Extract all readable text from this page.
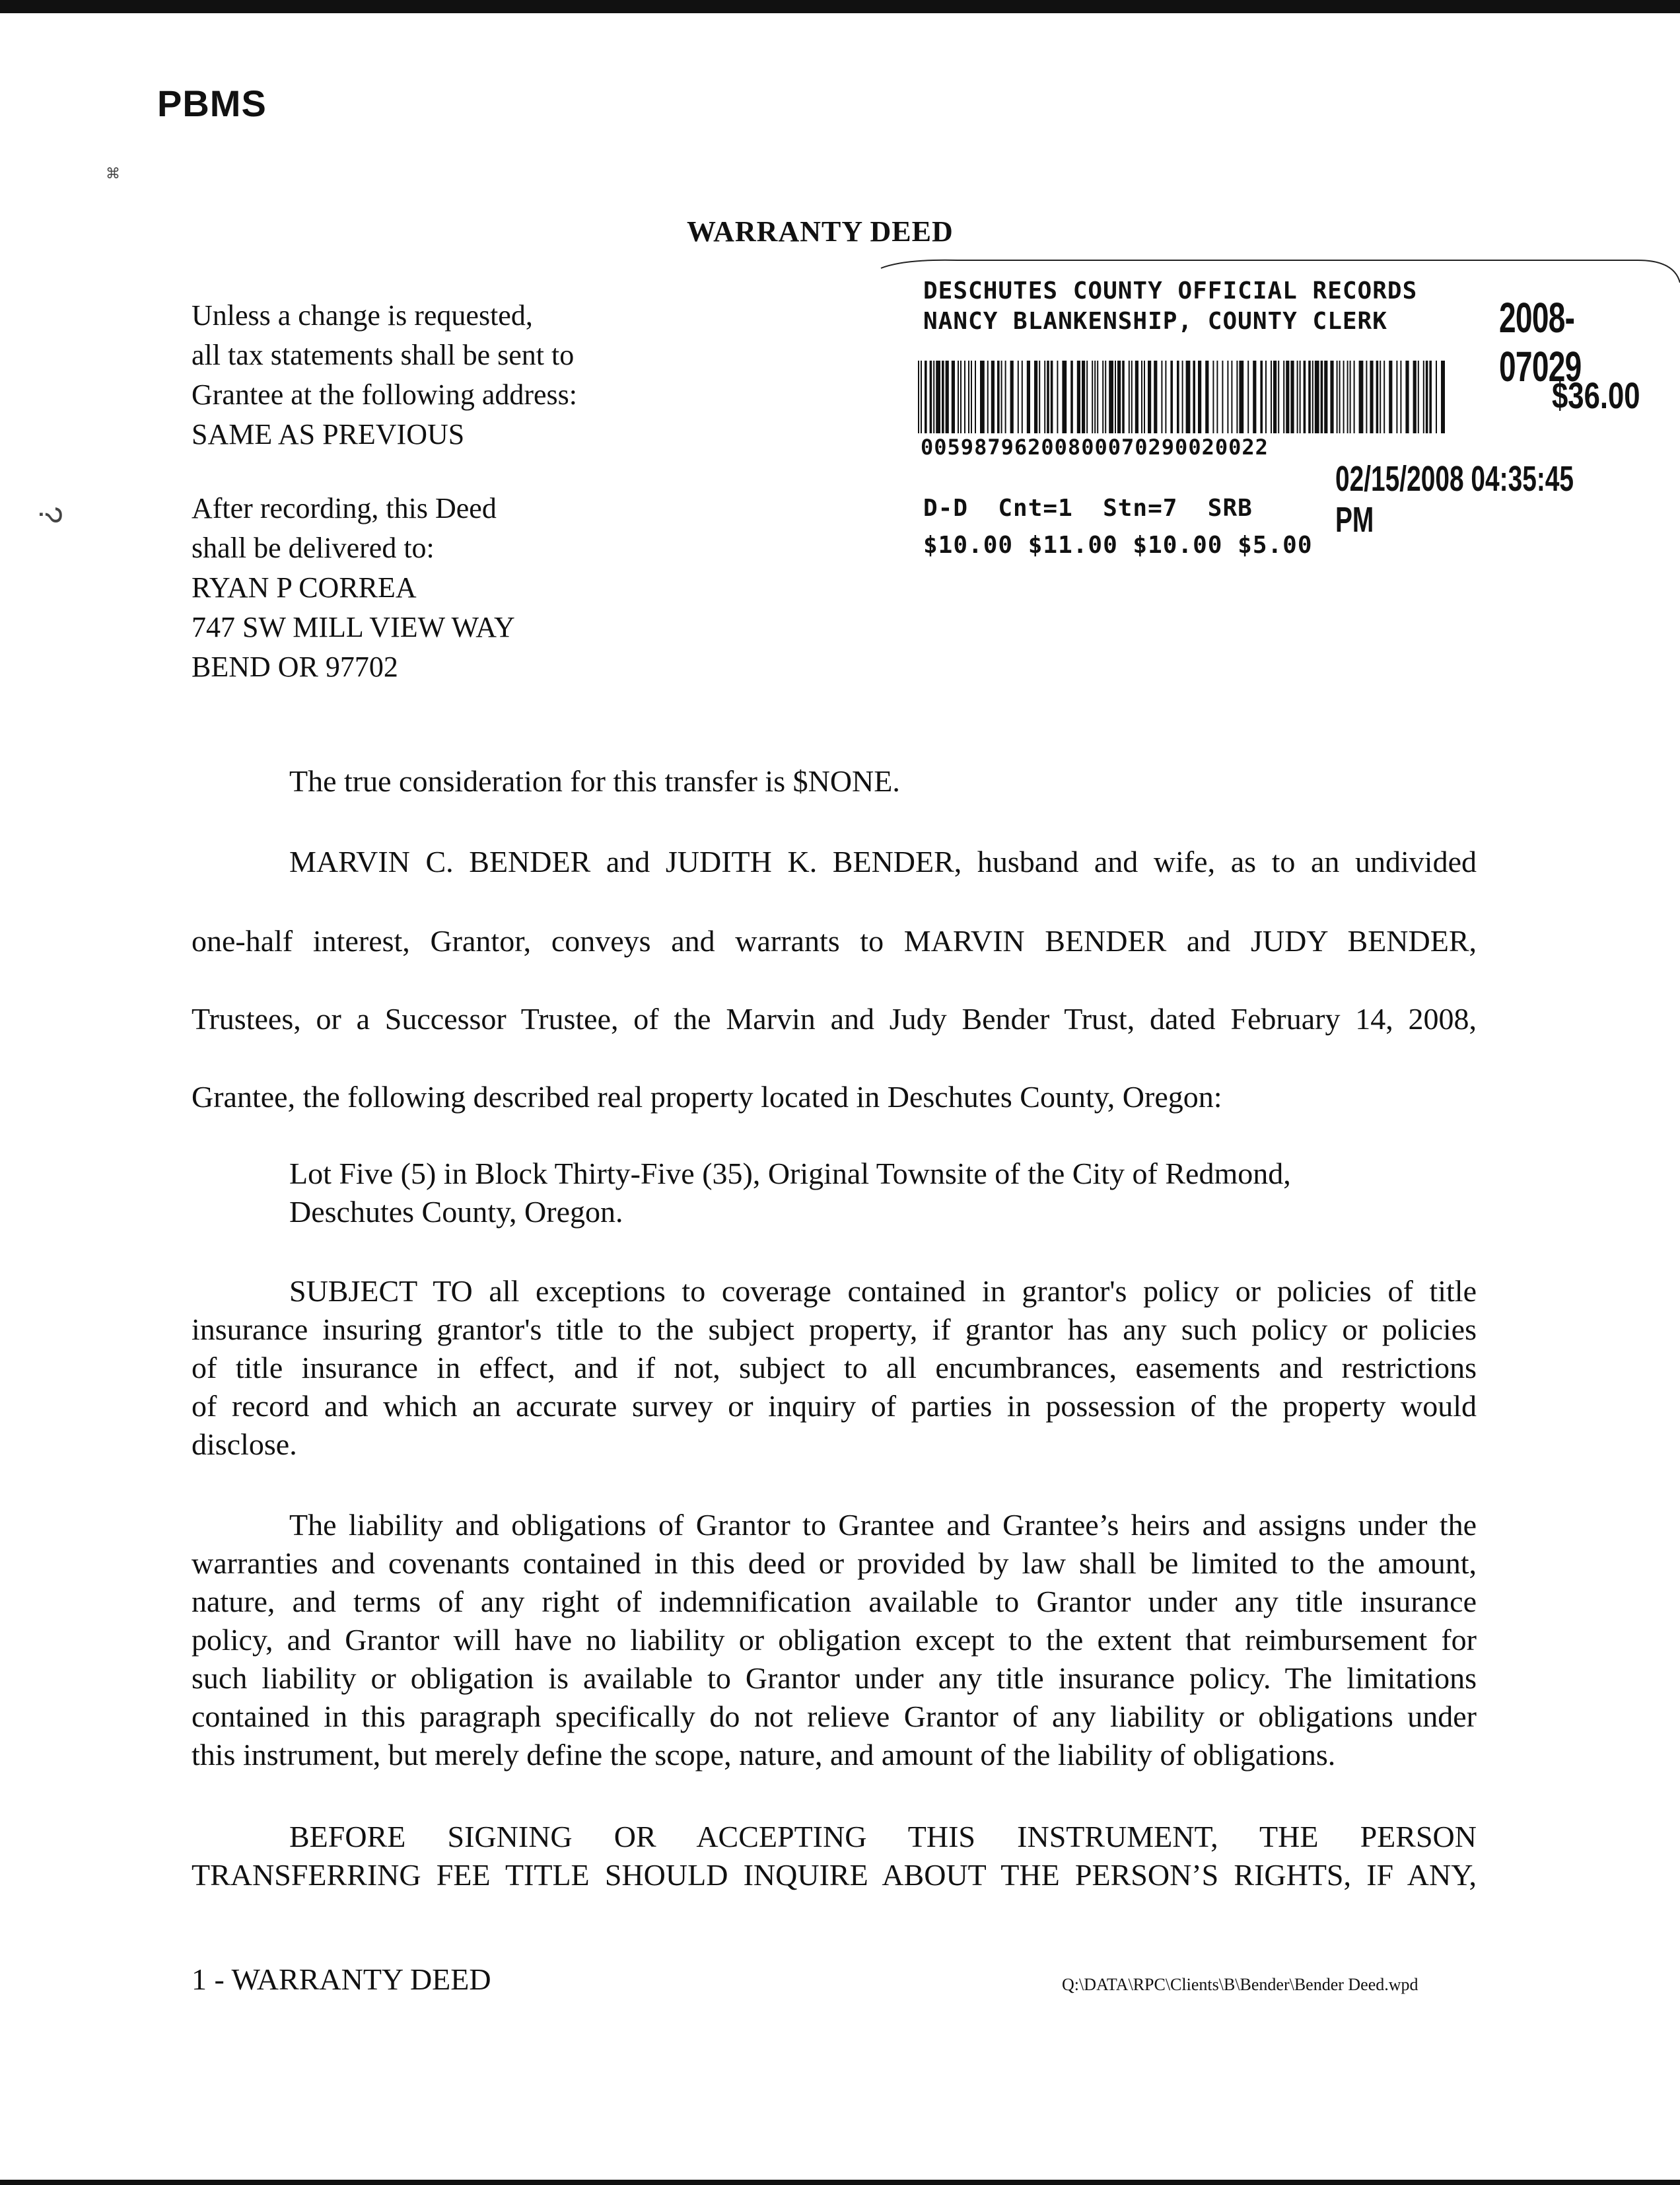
PBMS
⌘
?
WARRANTY DEED
Unless a change is requested,
all tax statements shall be sent to
Grantee at the following address:
SAME AS PREVIOUS
After recording, this Deed
shall be delivered to:
RYAN P CORREA
747 SW MILL VIEW WAY
BEND OR 97702
DESCHUTES COUNTY OFFICIAL RECORDS
NANCY BLANKENSHIP, COUNTY CLERK	2008-07029
$36.00
00598796200800070290020022
02/15/2008 04:35:45 PM
D-D  Cnt=1  Stn=7  SRB
$10.00 $11.00 $10.00 $5.00
The true consideration for this transfer is $NONE.
MARVIN C. BENDER and JUDITH K. BENDER, husband and wife, as to an undivided
one-half interest, Grantor, conveys and warrants to MARVIN BENDER and JUDY BENDER,
Trustees, or a Successor Trustee, of the Marvin and Judy Bender Trust, dated February 14, 2008,
Grantee, the following described real property located in Deschutes County, Oregon:
Lot Five (5) in Block Thirty-Five (35), Original Townsite of the City of Redmond,
Deschutes County, Oregon.
SUBJECT TO all exceptions to coverage contained in grantor's policy or policies of title
insurance insuring grantor's title to the subject property, if grantor has any such policy or policies
of title insurance in effect, and if not, subject to all encumbrances, easements and restrictions
of record and which an accurate survey or inquiry of parties in possession of the property would
disclose.
The liability and obligations of Grantor to Grantee and Grantee’s heirs and assigns under the
warranties and covenants contained in this deed or provided by law shall be limited to the amount,
nature, and terms of any right of indemnification available to Grantor under any title insurance
policy, and Grantor will have no liability or obligation except to the extent that reimbursement for
such liability or obligation is available to Grantor under any title insurance policy. The limitations
contained in this paragraph specifically do not relieve Grantor of any liability or obligations under
this instrument, but merely define the scope, nature, and amount of the liability of obligations.
BEFORE SIGNING OR ACCEPTING THIS INSTRUMENT, THE PERSON
TRANSFERRING FEE TITLE SHOULD INQUIRE ABOUT THE PERSON’S RIGHTS, IF ANY,
1 - WARRANTY DEED	Q:\DATA\RPC\Clients\B\Bender\Bender Deed.wpd
